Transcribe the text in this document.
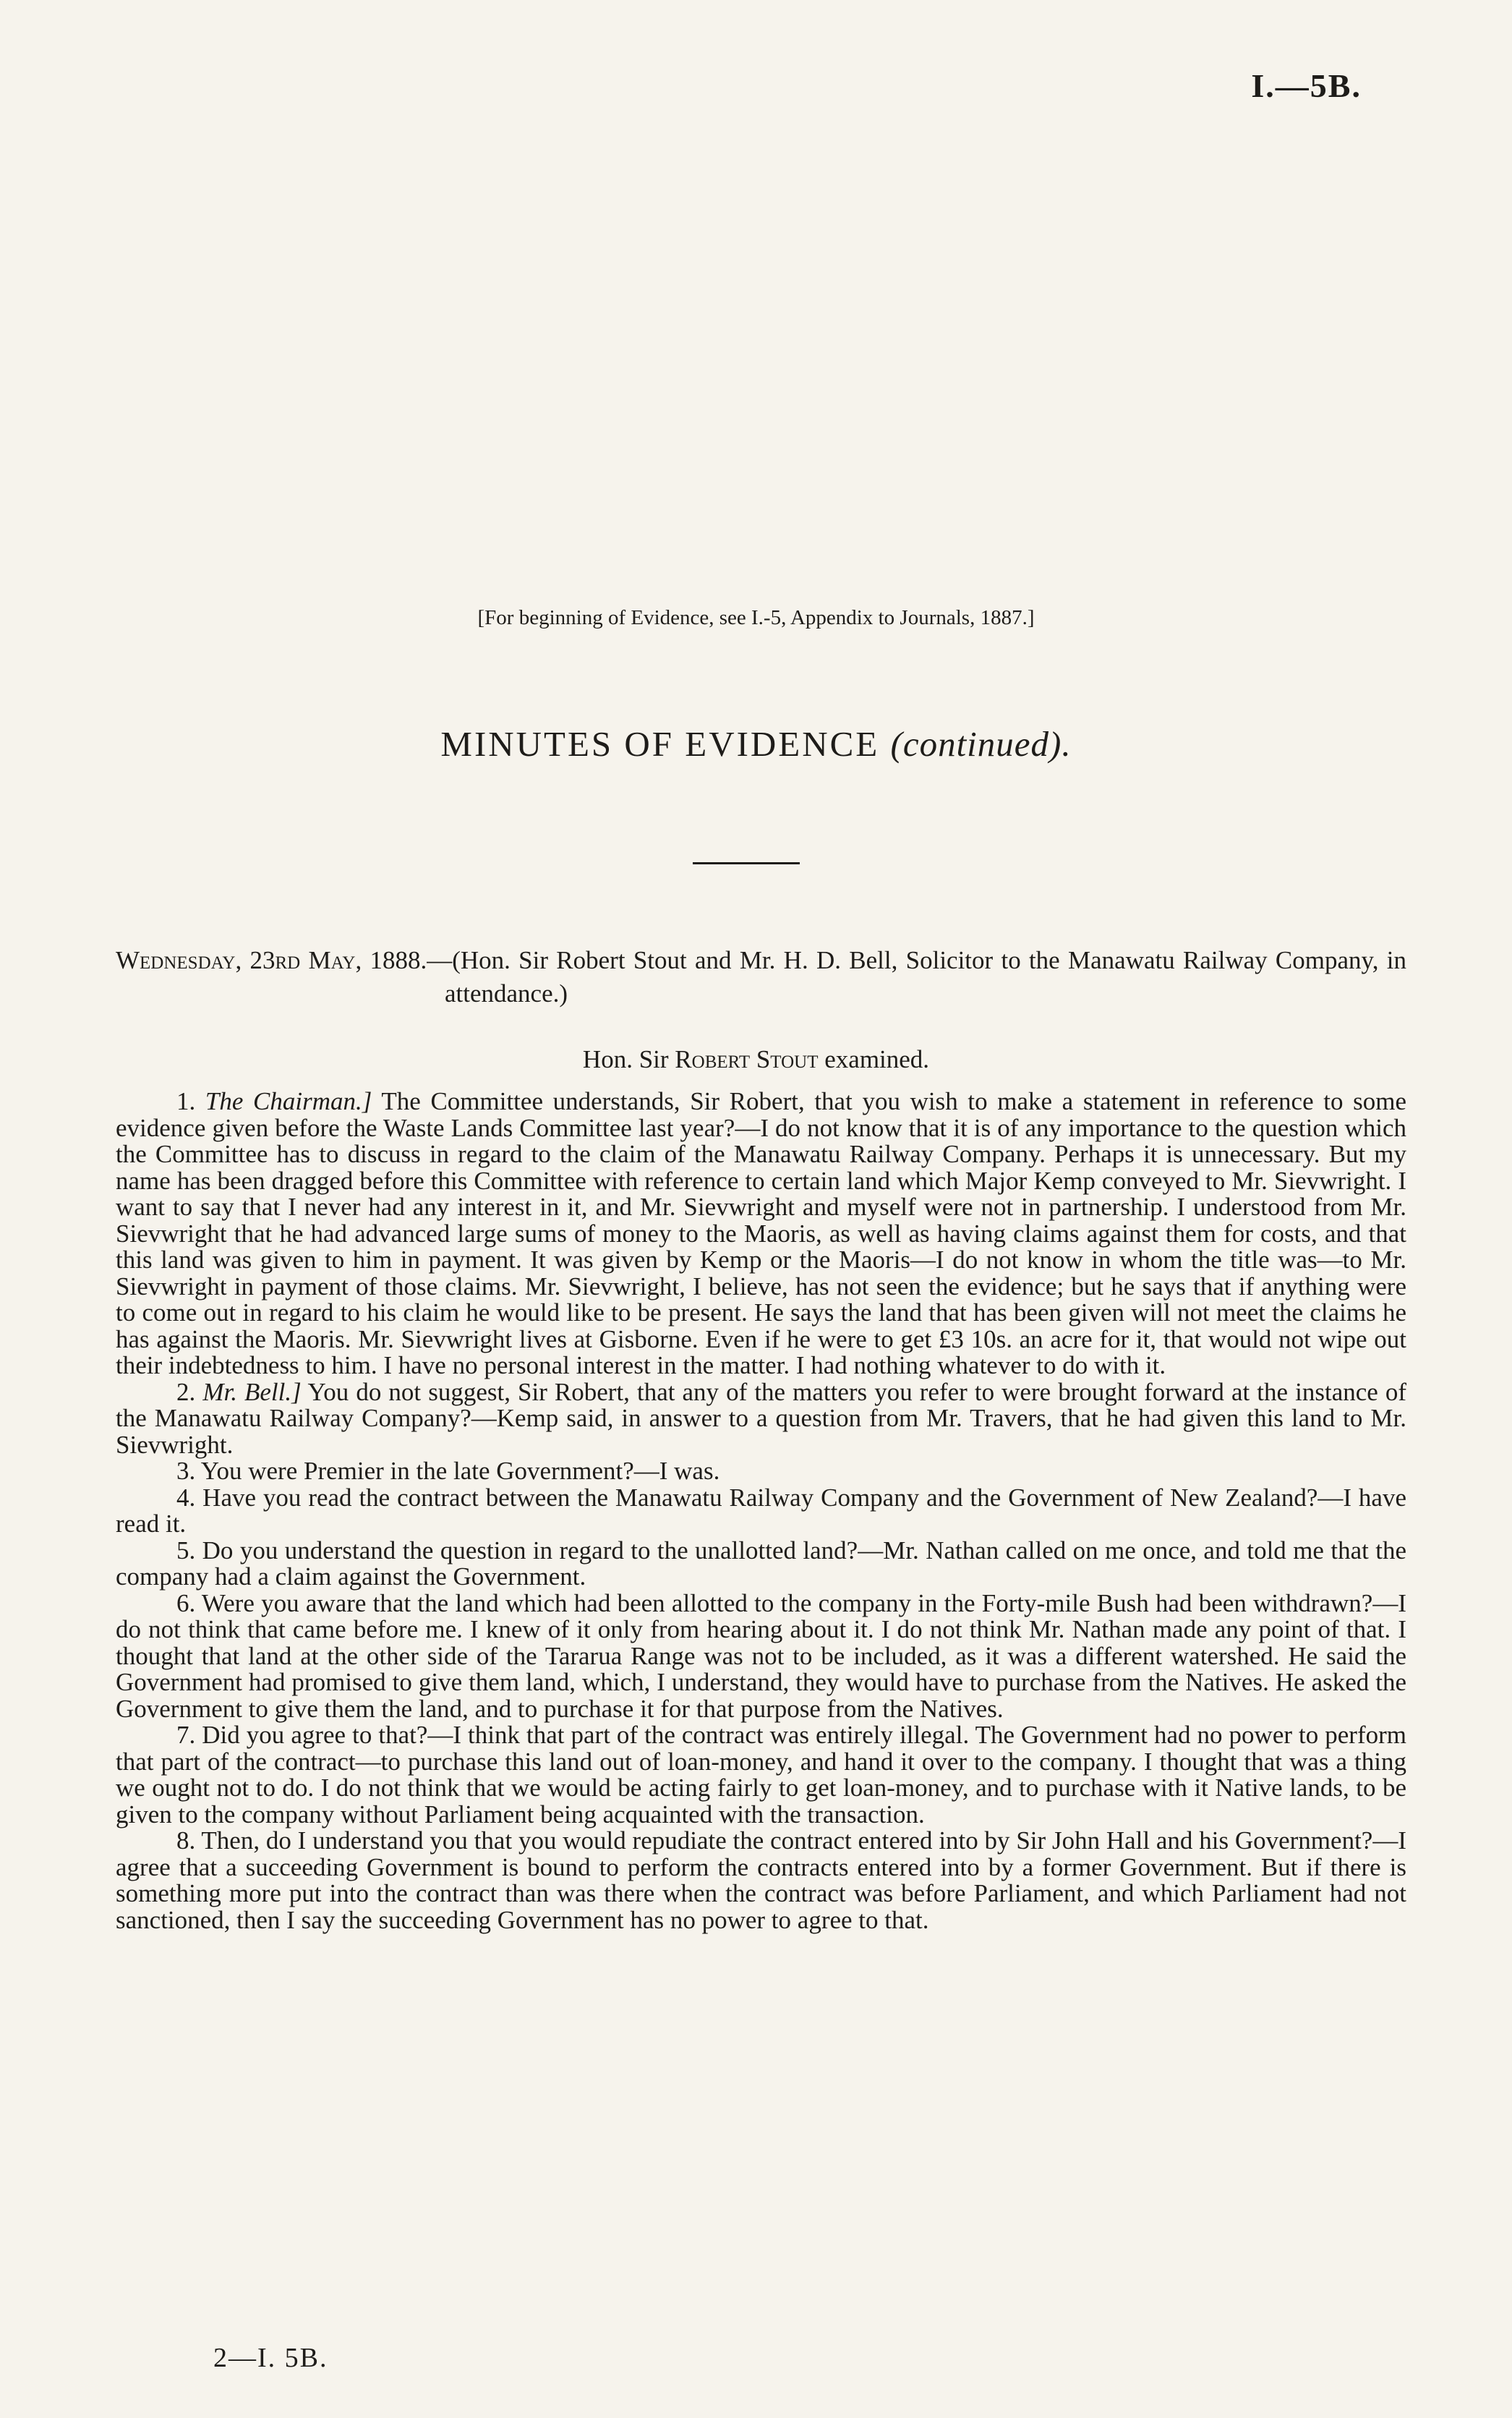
I.—5B.
[For beginning of Evidence, see I.-5, Appendix to Journals, 1887.]
MINUTES OF EVIDENCE (continued).
Wednesday, 23rd May, 1888.—(Hon. Sir Robert Stout and Mr. H. D. Bell, Solicitor to the Manawatu Railway Company, in attendance.)
Hon. Sir Robert Stout examined.

1. The Chairman.] The Committee understands, Sir Robert, that you wish to make a statement in reference to some evidence given before the Waste Lands Committee last year?—I do not know that it is of any importance to the question which the Committee has to discuss in regard to the claim of the Manawatu Railway Company. Perhaps it is unnecessary. But my name has been dragged before this Committee with reference to certain land which Major Kemp conveyed to Mr. Sievwright. I want to say that I never had any interest in it, and Mr. Sievwright and myself were not in partnership. I understood from Mr. Sievwright that he had advanced large sums of money to the Maoris, as well as having claims against them for costs, and that this land was given to him in payment. It was given by Kemp or the Maoris—I do not know in whom the title was—to Mr. Sievwright in payment of those claims. Mr. Sievwright, I believe, has not seen the evidence; but he says that if anything were to come out in regard to his claim he would like to be present. He says the land that has been given will not meet the claims he has against the Maoris. Mr. Sievwright lives at Gisborne. Even if he were to get £3 10s. an acre for it, that would not wipe out their indebtedness to him. I have no personal interest in the matter. I had nothing whatever to do with it.

2. Mr. Bell.] You do not suggest, Sir Robert, that any of the matters you refer to were brought forward at the instance of the Manawatu Railway Company?—Kemp said, in answer to a question from Mr. Travers, that he had given this land to Mr. Sievwright.

3. You were Premier in the late Government?—I was.

4. Have you read the contract between the Manawatu Railway Company and the Government of New Zealand?—I have read it.

5. Do you understand the question in regard to the unallotted land?—Mr. Nathan called on me once, and told me that the company had a claim against the Government.

6. Were you aware that the land which had been allotted to the company in the Forty-mile Bush had been withdrawn?—I do not think that came before me. I knew of it only from hearing about it. I do not think Mr. Nathan made any point of that. I thought that land at the other side of the Tararua Range was not to be included, as it was a different watershed. He said the Government had promised to give them land, which, I understand, they would have to purchase from the Natives. He asked the Government to give them the land, and to purchase it for that purpose from the Natives.

7. Did you agree to that?—I think that part of the contract was entirely illegal. The Government had no power to perform that part of the contract—to purchase this land out of loan-money, and hand it over to the company. I thought that was a thing we ought not to do. I do not think that we would be acting fairly to get loan-money, and to purchase with it Native lands, to be given to the company without Parliament being acquainted with the transaction.

8. Then, do I understand you that you would repudiate the contract entered into by Sir John Hall and his Government?—I agree that a succeeding Government is bound to perform the contracts entered into by a former Government. But if there is something more put into the contract than was there when the contract was before Parliament, and which Parliament had not sanctioned, then I say the succeeding Government has no power to agree to that.

2—I. 5B.
